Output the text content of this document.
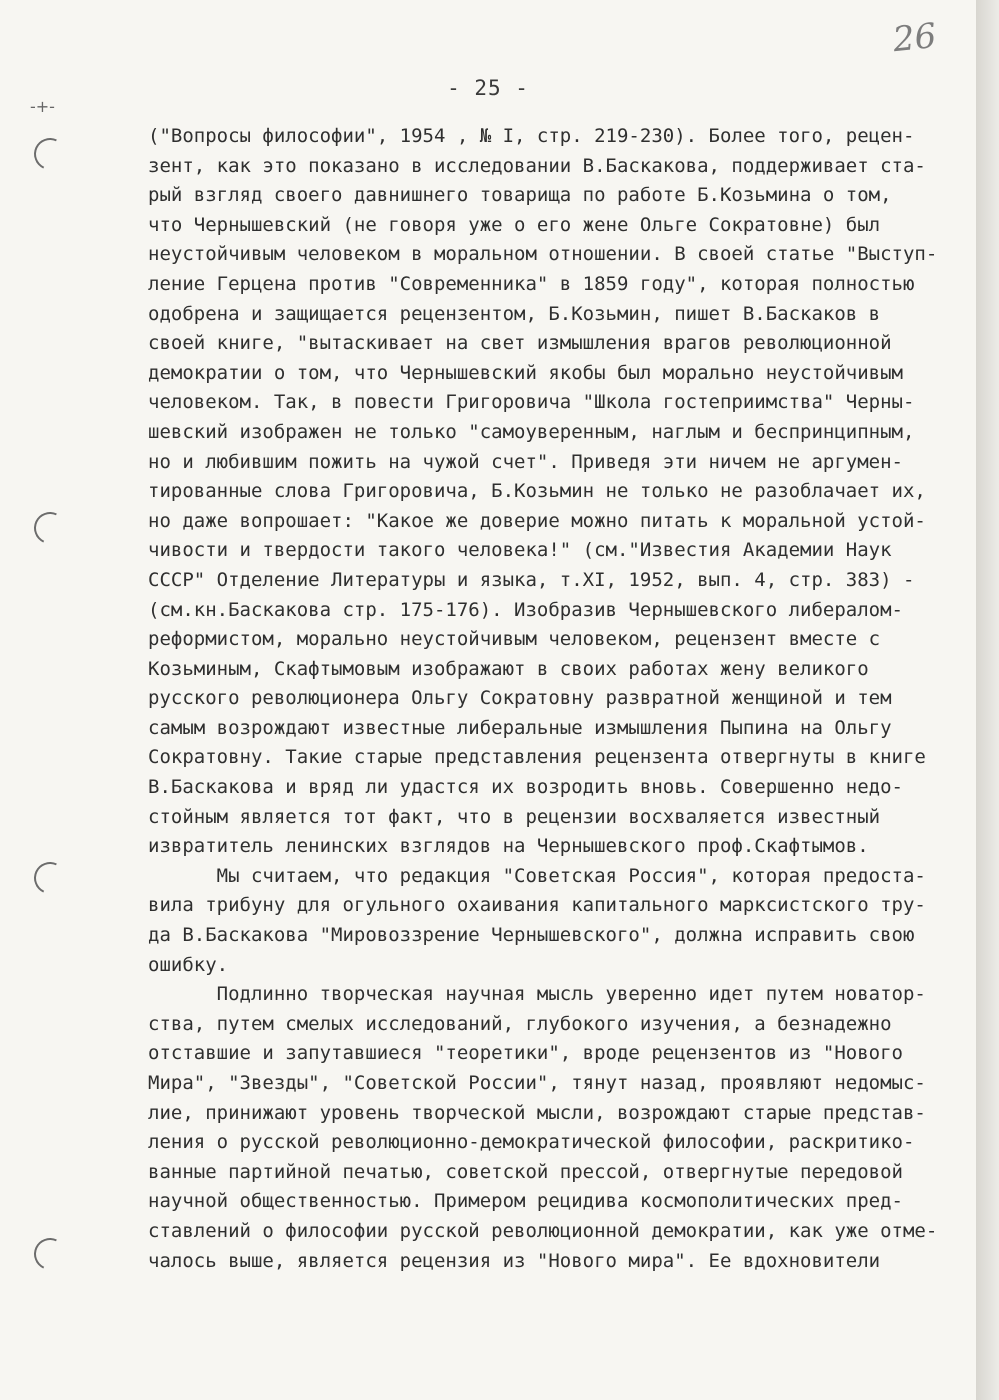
-+-
26
- 25 -
("Вопросы философии", 1954 , № I, стр. 219-230). Более того, рецен-
зент, как это показано в исследовании В.Баскакова, поддерживает ста-
рый взгляд своего давнишнего товарища по работе Б.Козьмина о том,
что Чернышевский (не говоря уже о его жене Ольге Сократовне) был
неустойчивым человеком в моральном отношении. В своей статье "Выступ-
ление Герцена против "Современника" в 1859 году", которая полностью
одобрена и защищается рецензентом, Б.Козьмин, пишет В.Баскаков в
своей книге, "вытаскивает на свет измышления врагов революционной
демократии о том, что Чернышевский якобы был морально неустойчивым
человеком. Так, в повести Григоровича "Школа гостеприимства" Черны-
шевский изображен не только "самоуверенным, наглым и беспринципным,
но и любившим пожить на чужой счет". Приведя эти ничем не аргумен-
тированные слова Григоровича, Б.Козьмин не только не разоблачает их,
но даже вопрошает: "Какое же доверие можно питать к моральной устой-
чивости и твердости такого человека!" (см."Известия Академии Наук
СССР" Отделение Литературы и языка, т.XI, 1952, вып. 4, стр. 383) -
(см.кн.Баскакова стр. 175-176). Изобразив Чернышевского либералом-
реформистом, морально неустойчивым человеком, рецензент вместе с
Козьминым, Скафтымовым изображают в своих работах жену великого
русского революционера Ольгу Сократовну развратной женщиной и тем
самым возрождают известные либеральные измышления Пыпина на Ольгу
Сократовну. Такие старые представления рецензента отвергнуты в книге
В.Баскакова и вряд ли удастся их возродить вновь. Совершенно недо-
стойным является тот факт, что в рецензии восхваляется известный
извратитель ленинских взглядов на Чернышевского проф.Скафтымов.
Мы считаем, что редакция "Советская Россия", которая предоста-
вила трибуну для огульного охаивания капитального марксистского тру-
да В.Баскакова "Мировоззрение Чернышевского", должна исправить свою
ошибку.
Подлинно творческая научная мысль уверенно идет путем новатор-
ства, путем смелых исследований, глубокого изучения, а безнадежно
отставшие и запутавшиеся "теоретики", вроде рецензентов из "Нового
Мира", "Звезды", "Советской России", тянут назад, проявляют недомыс-
лие, принижают уровень творческой мысли, возрождают старые представ-
ления о русской революционно-демократической философии, раскритико-
ванные партийной печатью, советской прессой, отвергнутые передовой
научной общественностью. Примером рецидива космополитических пред-
ставлений о философии русской революционной демократии, как уже отме-
чалось выше, является рецензия из "Нового мира". Ее вдохновители
